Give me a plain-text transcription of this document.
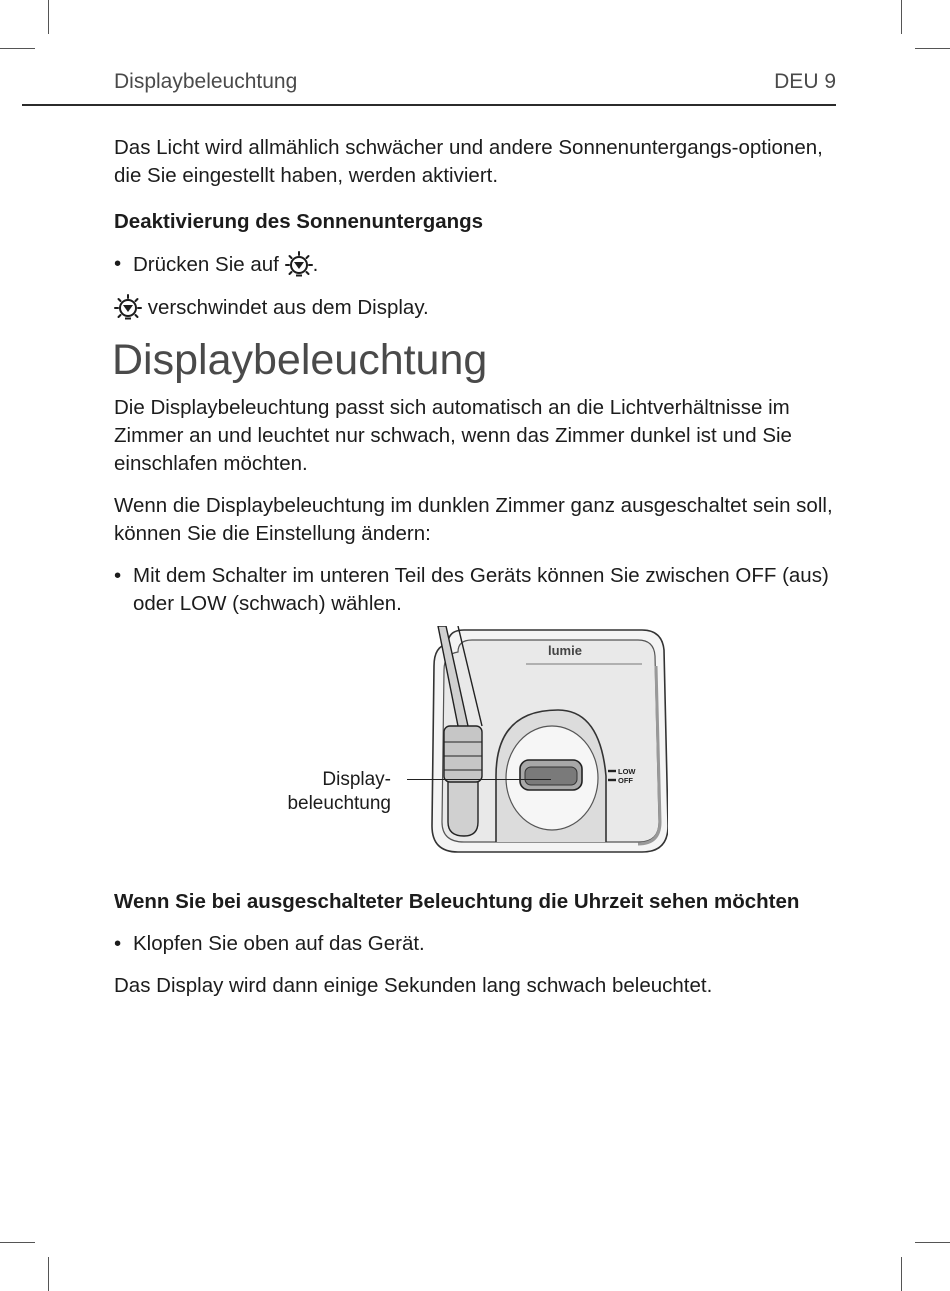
Displaybeleuchtung	DEU 9

Das Licht wird allmählich schwächer und andere Sonnenuntergangs-optionen, die Sie eingestellt haben, werden aktiviert.

Deaktivierung des Sonnenuntergangs
• Drücken Sie auf .

verschwindet aus dem Display.

Displaybeleuchtung

Die Displaybeleuchtung passt sich automatisch an die Lichtverhältnisse im Zimmer an und leuchtet nur schwach, wenn das Zimmer dunkel ist und Sie einschlafen möchten.

Wenn die Displaybeleuchtung im dunklen Zimmer ganz ausgeschaltet sein soll, können Sie die Einstellung ändern:

• Mit dem Schalter im unteren Teil des Geräts können Sie zwischen OFF (aus) oder LOW (schwach) wählen.
lumie
LOW
OFF
Display-
beleuchtung
Wenn Sie bei ausgeschalteter Beleuchtung die Uhrzeit sehen möchten
• Klopfen Sie oben auf das Gerät.

Das Display wird dann einige Sekunden lang schwach beleuchtet.
